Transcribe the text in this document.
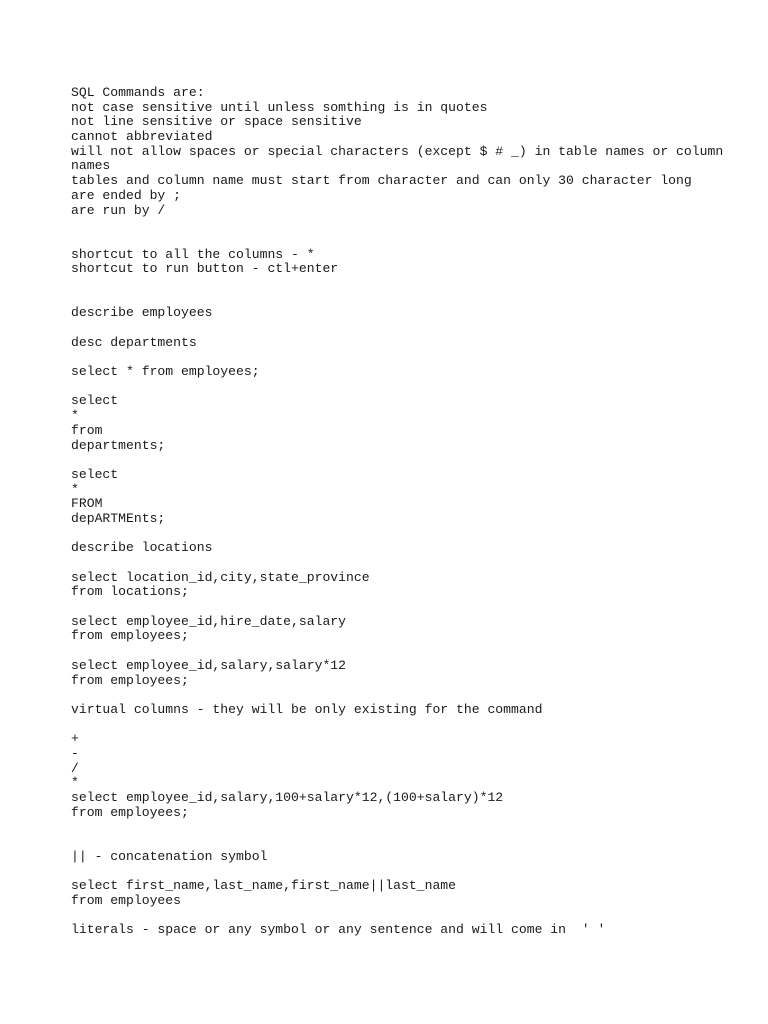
SQL Commands are:
not case sensitive until unless somthing is in quotes
not line sensitive or space sensitive
cannot abbreviated
will not allow spaces or special characters (except $ # _) in table names or column
names
tables and column name must start from character and can only 30 character long
are ended by ;
are run by /
shortcut to all the columns - *
shortcut to run button - ctl+enter
describe employees
desc departments
select * from employees;
select
*
from
departments;
select
*
FROM
depARTMEnts;
describe locations
select location_id,city,state_province
from locations;
select employee_id,hire_date,salary
from employees;
select employee_id,salary,salary*12
from employees;
virtual columns - they will be only existing for the command
+
-
/
*
select employee_id,salary,100+salary*12,(100+salary)*12
from employees;
|| - concatenation symbol
select first_name,last_name,first_name||last_name
from employees
literals - space or any symbol or any sentence and will come in  ' '
